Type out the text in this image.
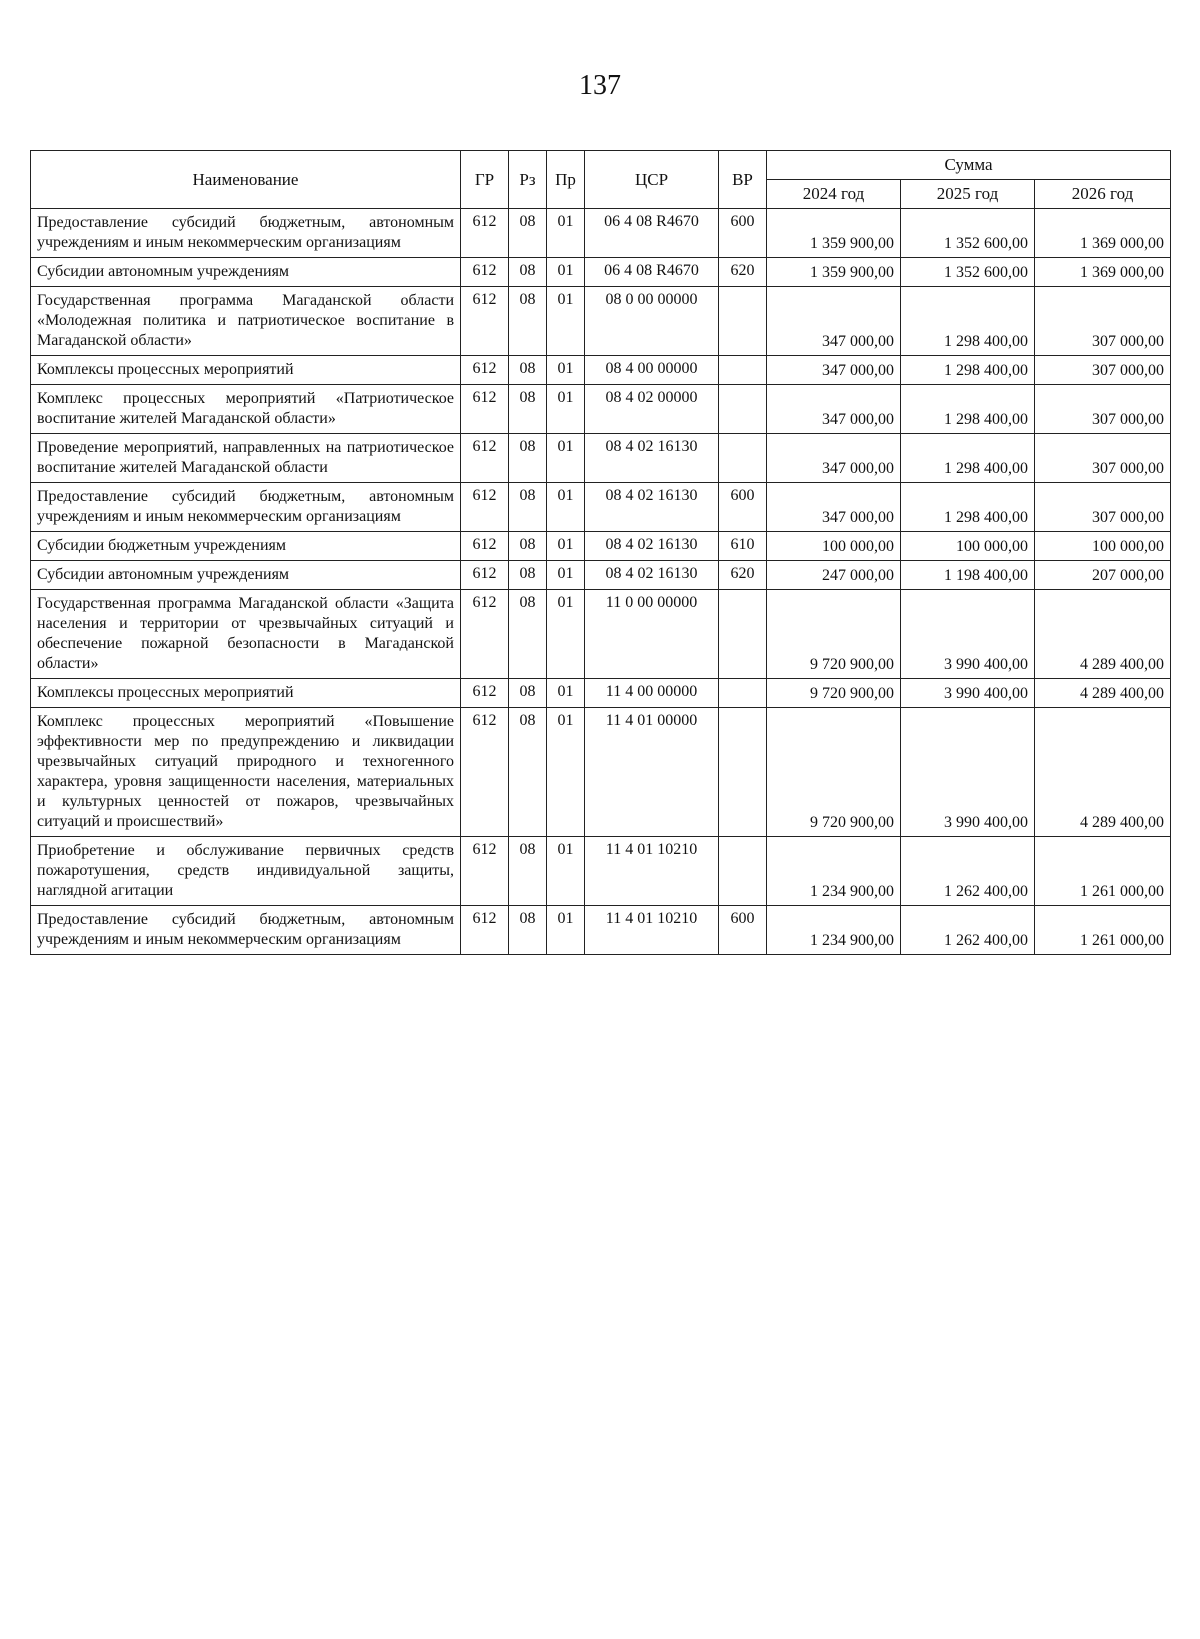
137
Наименование	ГР	Рз	Пр	ЦСР	ВР	Сумма		
						2024 год	2025 год	2026 год
Предоставление субсидий бюджетным, автономным учреждениям и иным некоммерческим организациям	612	08	01	06 4 08 R4670	600	1 359 900,00	1 352 600,00	1 369 000,00
Субсидии автономным учреждениям	612	08	01	06 4 08 R4670	620	1 359 900,00	1 352 600,00	1 369 000,00
Государственная программа Магаданской области «Молодежная политика и патриотическое воспитание в Магаданской области»	612	08	01	08 0 00 00000		347 000,00	1 298 400,00	307 000,00
Комплексы процессных мероприятий	612	08	01	08 4 00 00000		347 000,00	1 298 400,00	307 000,00
Комплекс процессных мероприятий «Патриотическое воспитание жителей Магаданской области»	612	08	01	08 4 02 00000		347 000,00	1 298 400,00	307 000,00
Проведение мероприятий, направленных на патриотическое воспитание жителей Магаданской области	612	08	01	08 4 02 16130		347 000,00	1 298 400,00	307 000,00
Предоставление субсидий бюджетным, автономным учреждениям и иным некоммерческим организациям	612	08	01	08 4 02 16130	600	347 000,00	1 298 400,00	307 000,00
Субсидии бюджетным учреждениям	612	08	01	08 4 02 16130	610	100 000,00	100 000,00	100 000,00
Субсидии автономным учреждениям	612	08	01	08 4 02 16130	620	247 000,00	1 198 400,00	207 000,00
Государственная программа Магаданской области «Защита населения и территории от чрезвычайных ситуаций и обеспечение пожарной безопасности в Магаданской области»	612	08	01	11 0 00 00000		9 720 900,00	3 990 400,00	4 289 400,00
Комплексы процессных мероприятий	612	08	01	11 4 00 00000		9 720 900,00	3 990 400,00	4 289 400,00
Комплекс процессных мероприятий «Повышение эффективности мер по предупреждению и ликвидации чрезвычайных ситуаций природного и техногенного характера, уровня защищенности населения, материальных и культурных ценностей от пожаров, чрезвычайных ситуаций и происшествий»	612	08	01	11 4 01 00000		9 720 900,00	3 990 400,00	4 289 400,00
Приобретение и обслуживание первичных средств пожаротушения, средств индивидуальной защиты, наглядной агитации	612	08	01	11 4 01 10210		1 234 900,00	1 262 400,00	1 261 000,00
Предоставление субсидий бюджетным, автономным учреждениям и иным некоммерческим организациям	612	08	01	11 4 01 10210	600	1 234 900,00	1 262 400,00	1 261 000,00
